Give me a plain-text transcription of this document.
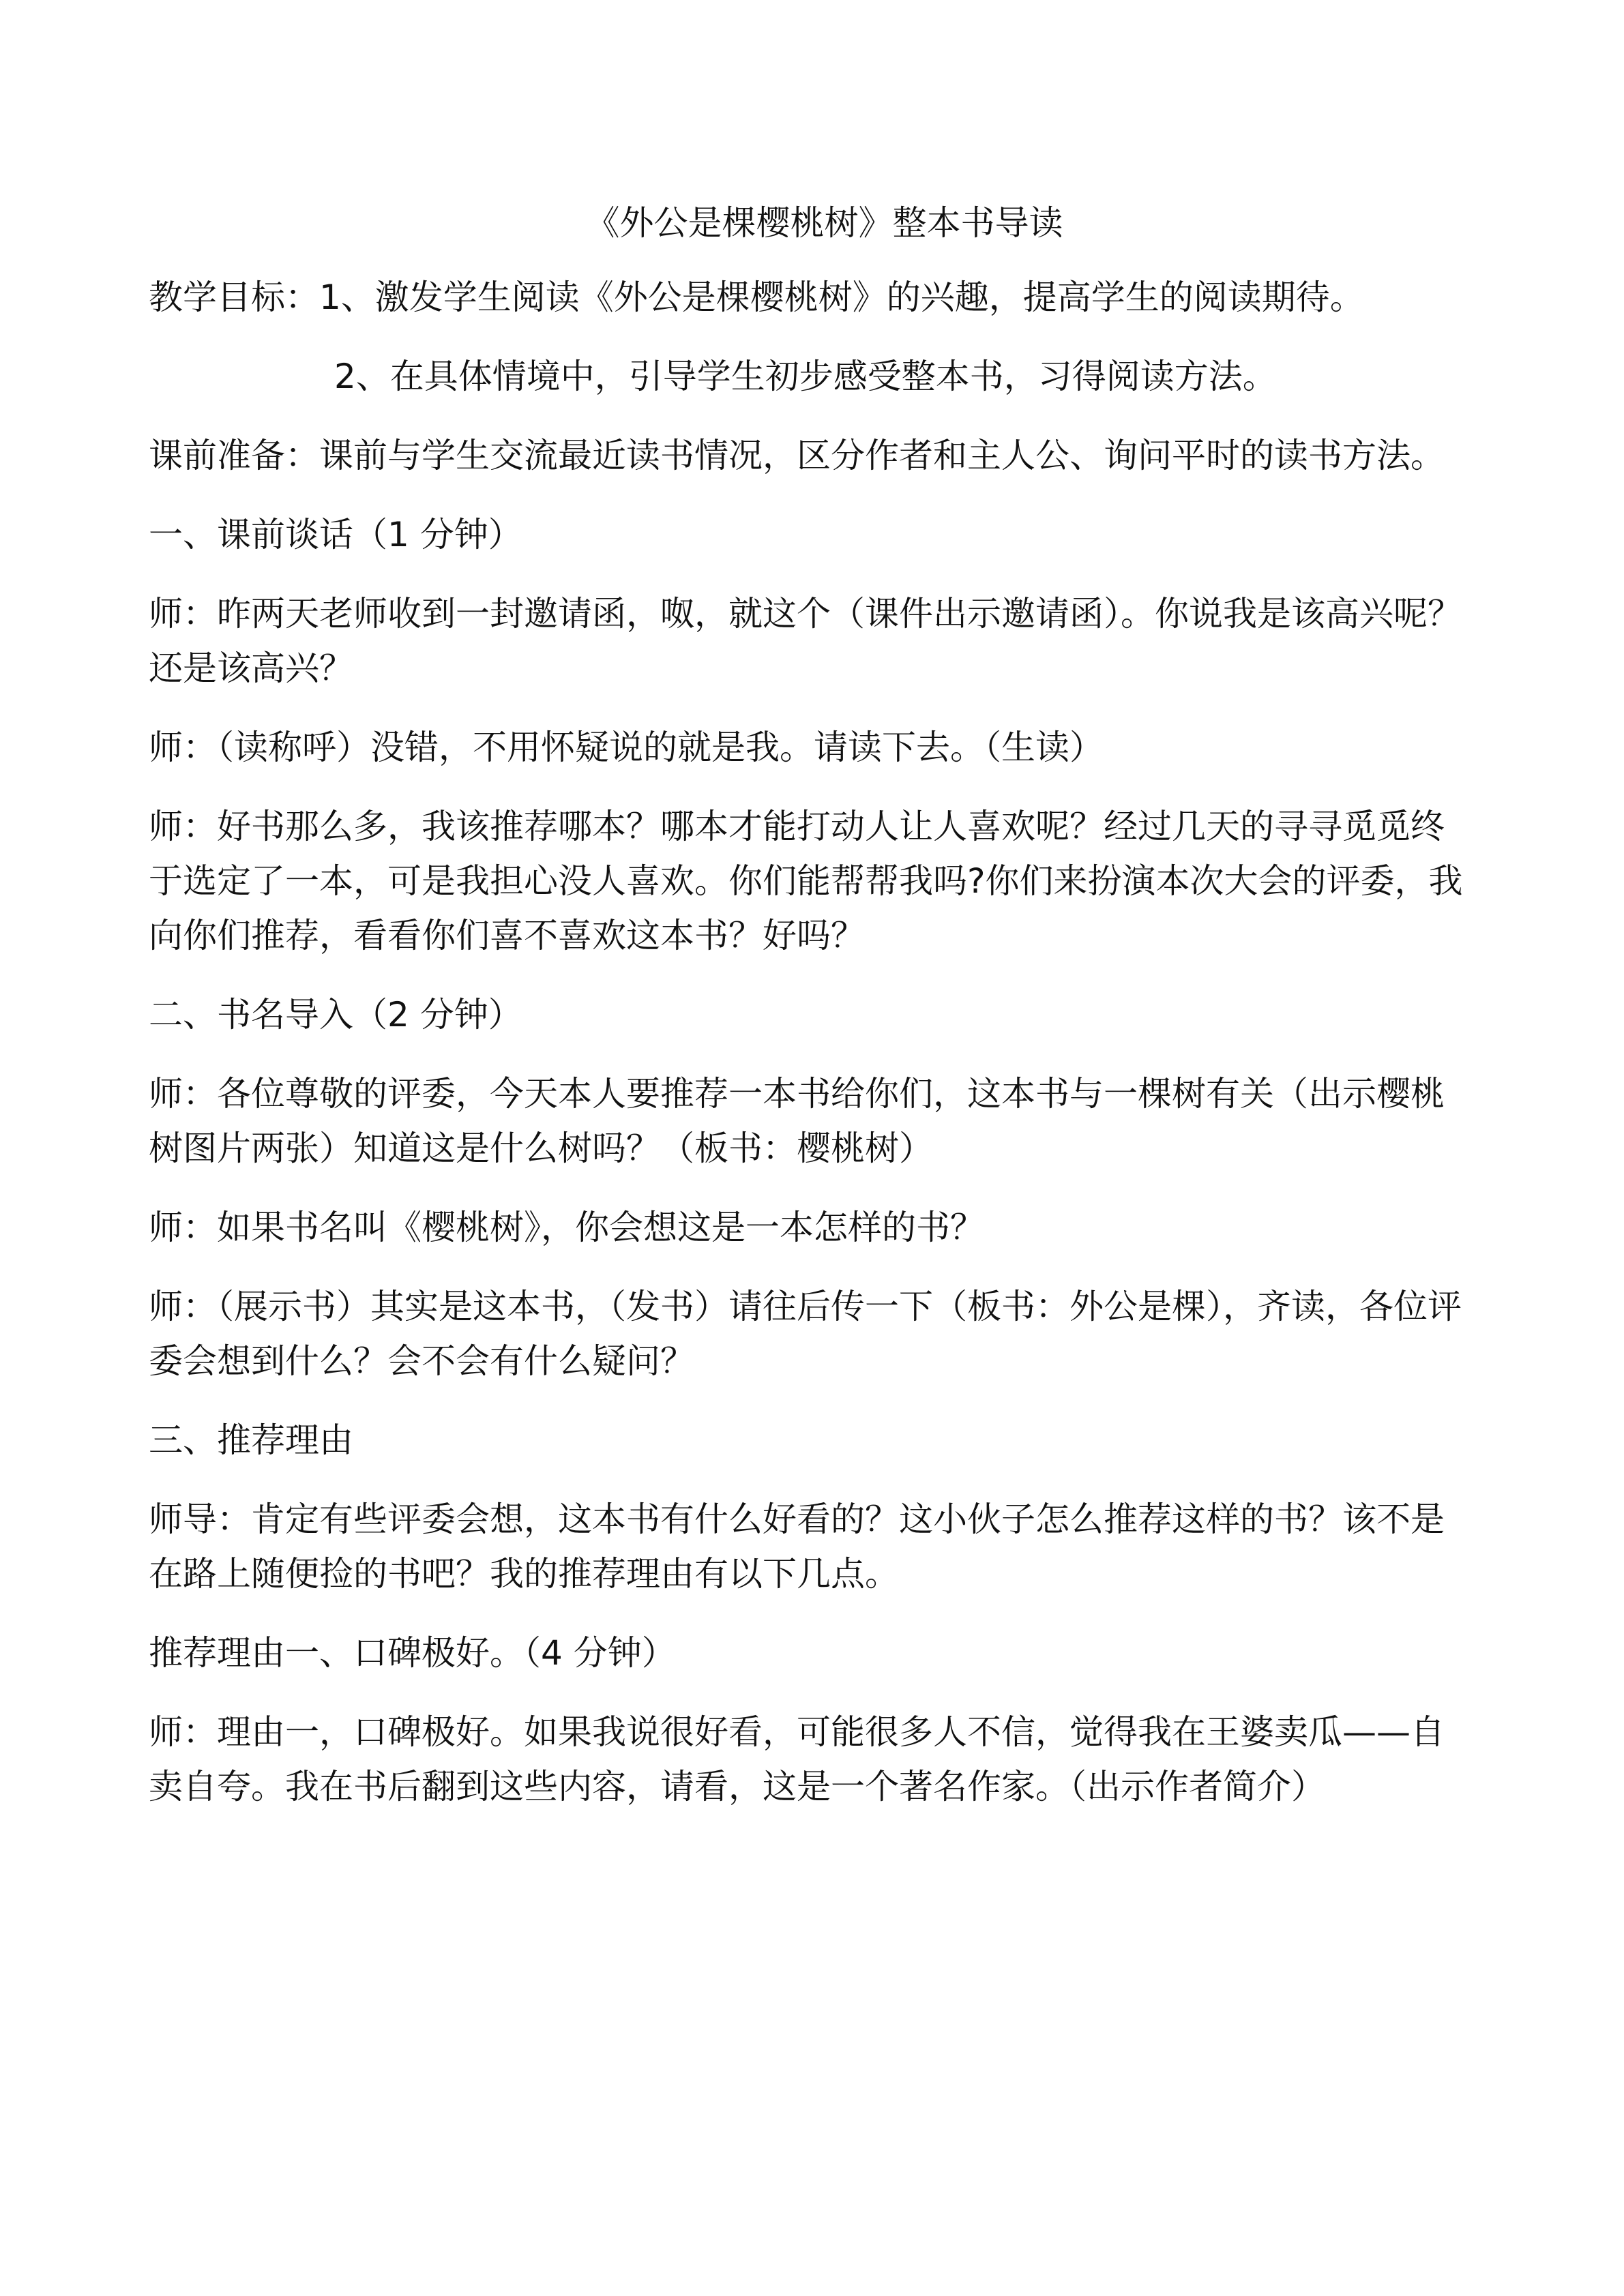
《外公是棵樱桃树》整本书导读

教学目标：1、激发学生阅读《外公是棵樱桃树》的兴趣，提高学生的阅读期待。

2、在具体情境中，引导学生初步感受整本书，习得阅读方法。

课前准备：课前与学生交流最近读书情况，区分作者和主人公、询问平时的读书方法。

一、课前谈话（1 分钟）

师：昨两天老师收到一封邀请函，呶，就这个（课件出示邀请函）。你说我是该高兴呢？还是该高兴？

师：（读称呼）没错，不用怀疑说的就是我。请读下去。（生读）

师：好书那么多，我该推荐哪本？哪本才能打动人让人喜欢呢？经过几天的寻寻觅觅终于选定了一本，可是我担心没人喜欢。你们能帮帮我吗?你们来扮演本次大会的评委，我向你们推荐，看看你们喜不喜欢这本书？好吗？

二、书名导入（2 分钟）

师：各位尊敬的评委，今天本人要推荐一本书给你们，这本书与一棵树有关（出示樱桃树图片两张）知道这是什么树吗？（板书：樱桃树）

师：如果书名叫《樱桃树》，你会想这是一本怎样的书？

师：（展示书）其实是这本书，（发书）请往后传一下（板书：外公是棵），齐读，各位评委会想到什么？会不会有什么疑问？

三、推荐理由

师导：肯定有些评委会想，这本书有什么好看的？这小伙子怎么推荐这样的书？该不是在路上随便捡的书吧？我的推荐理由有以下几点。

推荐理由一、口碑极好。（4 分钟）

师：理由一，口碑极好。如果我说很好看，可能很多人不信，觉得我在王婆卖瓜——自卖自夸。我在书后翻到这些内容，请看，这是一个著名作家。（出示作者简介）
